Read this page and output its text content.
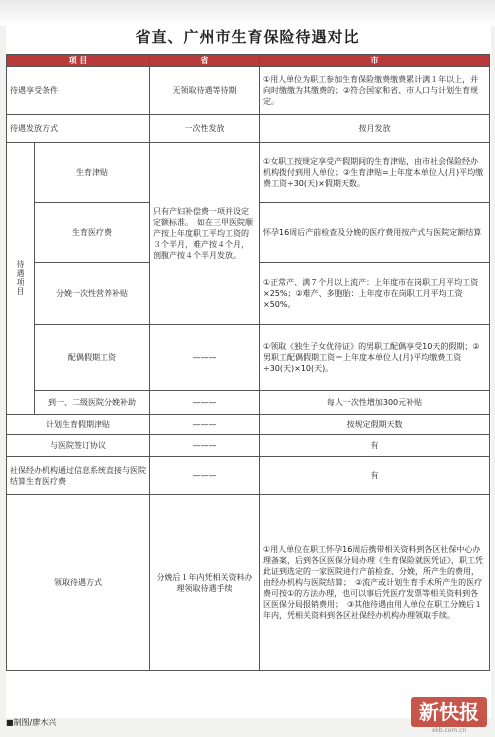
省直、广州市生育保险待遇对比
项 目		省	市
待遇享受条件		无领取待遇等待期	①用人单位为职工参加生育保险缴费缴费累计满１年以上，并向时缴缴为其缴费的；②符合国家和省、市人口与计划生育规定。
待遇发放方式		一次性发放	按月发放
待遇项目	生育津贴	只有产妇补偿费一项并设定定额标准。　如在三甲医院顺产按上年度职工平均工资的３个半月，难产按４个月，剖腹产按４个半月发放。	①女职工按规定享受产假期间的生育津贴，由市社会保险经办机构拨付到用人单位；②生育津贴=上年度本单位人(月)平均缴费工资÷30(天)×假期天数。
	生育医疗费		怀孕16周后产前检查及分娩的医疗费用按产式与医院定额结算
	分娩一次性营养补贴		①正常产、满７个月以上流产：上年度市在岗职工月平均工资×25%；②难产、多胞胎：上年度市在岗职工月平均工资×50%。
	配偶假期工资	———	①领取《独生子女优待证》的男职工配偶享受10天的假期；②男职工配偶假期工资＝上年度本单位人(月)平均缴费工资÷30(天)×10(天)。
	到一、二级医院分娩补助	———	每人一次性增加300元补贴
计划生育假期津贴		———	按规定假期天数
与医院签订协议		———	有
社保经办机构通过信息系统直接与医院结算生育医疗费		———	有
领取待遇方式		分娩后１年内凭相关资料办理领取待遇手续	①用人单位在职工怀孕16周后携带相关资料到各区社保中心办理备案，后到各区医保分局办理《生育保险就医凭证》，职工凭此证到选定的一家医院进行产前检查、分娩，所产生的费用，由经办机构与医院结算；　②流产或计划生育手术所产生的医疗费可按①的方法办理，也可以事后凭医疗发票等相关资料到各区医保分局报销费用；　③其他待遇由用人单位在职工分娩后１年内，凭相关资料到各区社保经办机构办理领取手续。
■制图/廖木兴	新快报
xkb.com.cn
